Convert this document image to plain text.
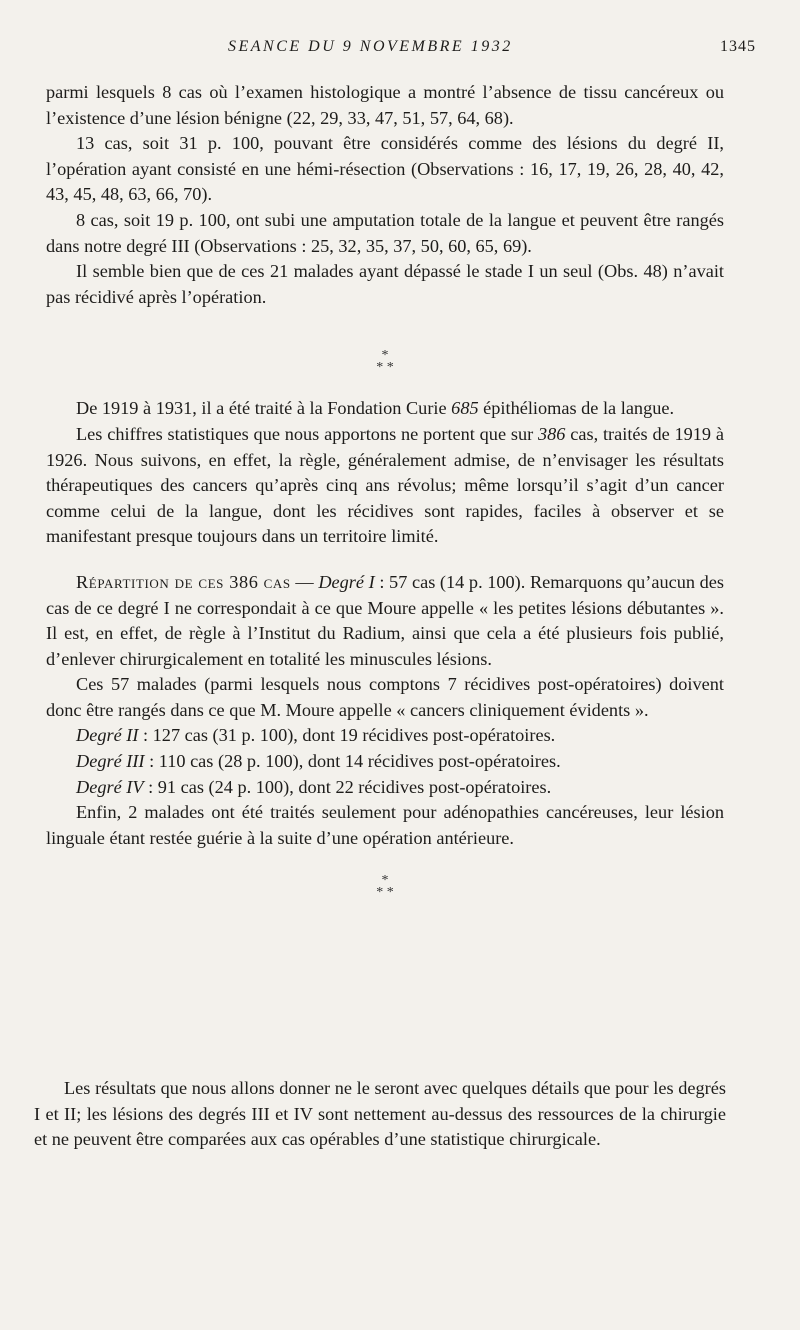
SEANCE DU 9 NOVEMBRE 1932	1345

parmi lesquels 8 cas où l’examen histologique a montré l’absence de tissu cancéreux ou l’existence d’une lésion bénigne (22, 29, 33, 47, 51, 57, 64, 68).

13 cas, soit 31 p. 100, pouvant être considérés comme des lésions du degré II, l’opération ayant consisté en une hémi-résection (Observations : 16, 17, 19, 26, 28, 40, 42, 43, 45, 48, 63, 66, 70).

8 cas, soit 19 p. 100, ont subi une amputation totale de la langue et peuvent être rangés dans notre degré III (Observations : 25, 32, 35, 37, 50, 60, 65, 69).

Il semble bien que de ces 21 malades ayant dépassé le stade I un seul (Obs. 48) n’avait pas récidivé après l’opération.

*
* *

De 1919 à 1931, il a été traité à la Fondation Curie 685 épithéliomas de la langue.

Les chiffres statistiques que nous apportons ne portent que sur 386 cas, traités de 1919 à 1926. Nous suivons, en effet, la règle, généralement admise, de n’envisager les résultats thérapeutiques des cancers qu’après cinq ans révolus; même lorsqu’il s’agit d’un cancer comme celui de la langue, dont les récidives sont rapides, faciles à observer et se manifestant presque toujours dans un territoire limité.

Répartition de ces 386 cas — Degré I : 57 cas (14 p. 100). Remarquons qu’aucun des cas de ce degré I ne correspondait à ce que Moure appelle « les petites lésions débutantes ». Il est, en effet, de règle à l’Institut du Radium, ainsi que cela a été plusieurs fois publié, d’enlever chirurgicalement en totalité les minuscules lésions.

Ces 57 malades (parmi lesquels nous comptons 7 récidives post-opératoires) doivent donc être rangés dans ce que M. Moure appelle « cancers cliniquement évidents ».

Degré II : 127 cas (31 p. 100), dont 19 récidives post-opératoires.

Degré III : 110 cas (28 p. 100), dont 14 récidives post-opératoires.

Degré IV : 91 cas (24 p. 100), dont 22 récidives post-opératoires.

Enfin, 2 malades ont été traités seulement pour adénopathies cancéreuses, leur lésion linguale étant restée guérie à la suite d’une opération antérieure.

*
* *

Les résultats que nous allons donner ne le seront avec quelques détails que pour les degrés I et II; les lésions des degrés III et IV sont nettement au-dessus des ressources de la chirurgie et ne peuvent être comparées aux cas opérables d’une statistique chirurgicale.
